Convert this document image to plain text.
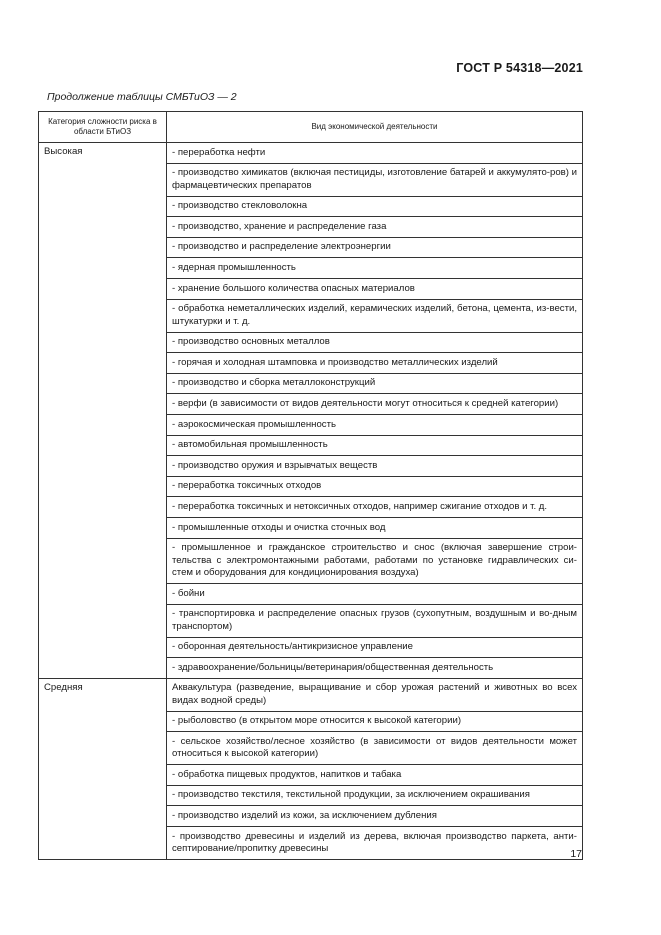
ГОСТ Р 54318—2021
Продолжение таблицы СМБТиОЗ — 2
Категория сложности риска в области БТиОЗ	Вид экономической деятельности
Высокая	- переработка нефти
	- производство химикатов (включая пестициды, изготовление батарей и аккумулято-ров) и фармацевтических препаратов
	- производство стекловолокна
	- производство, хранение и распределение газа
	- производство и распределение электроэнергии
	- ядерная промышленность
	- хранение большого количества опасных материалов
	- обработка неметаллических изделий, керамических изделий, бетона, цемента, из-вести, штукатурки и т. д.
	- производство основных металлов
	- горячая и холодная штамповка и производство металлических изделий
	- производство и сборка металлоконструкций
	- верфи (в зависимости от видов деятельности могут относиться к средней категории)
	- аэрокосмическая промышленность
	- автомобильная промышленность
	- производство оружия и взрывчатых веществ
	- переработка токсичных отходов
	- переработка токсичных и нетоксичных отходов, например сжигание отходов и т. д.
	- промышленные отходы и очистка сточных вод
	- промышленное и гражданское строительство и снос (включая завершение строи-тельства с электромонтажными работами, работами по установке гидравлических си-стем и оборудования для кондиционирования воздуха)
	- бойни
	- транспортировка и распределение опасных грузов (сухопутным, воздушным и во-дным транспортом)
	- оборонная деятельность/антикризисное управление
	- здравоохранение/больницы/ветеринария/общественная деятельность
Средняя	Аквакультура (разведение, выращивание и сбор урожая растений и животных во всех видах водной среды)
	- рыболовство (в открытом море относится к высокой категории)
	- сельское хозяйство/лесное хозяйство (в зависимости от видов деятельности может относиться к высокой категории)
	- обработка пищевых продуктов, напитков и табака
	- производство текстиля, текстильной продукции, за исключением окрашивания
	- производство изделий из кожи, за исключением дубления
	- производство древесины и изделий из дерева, включая производство паркета, анти-септирование/пропитку древесины	17
